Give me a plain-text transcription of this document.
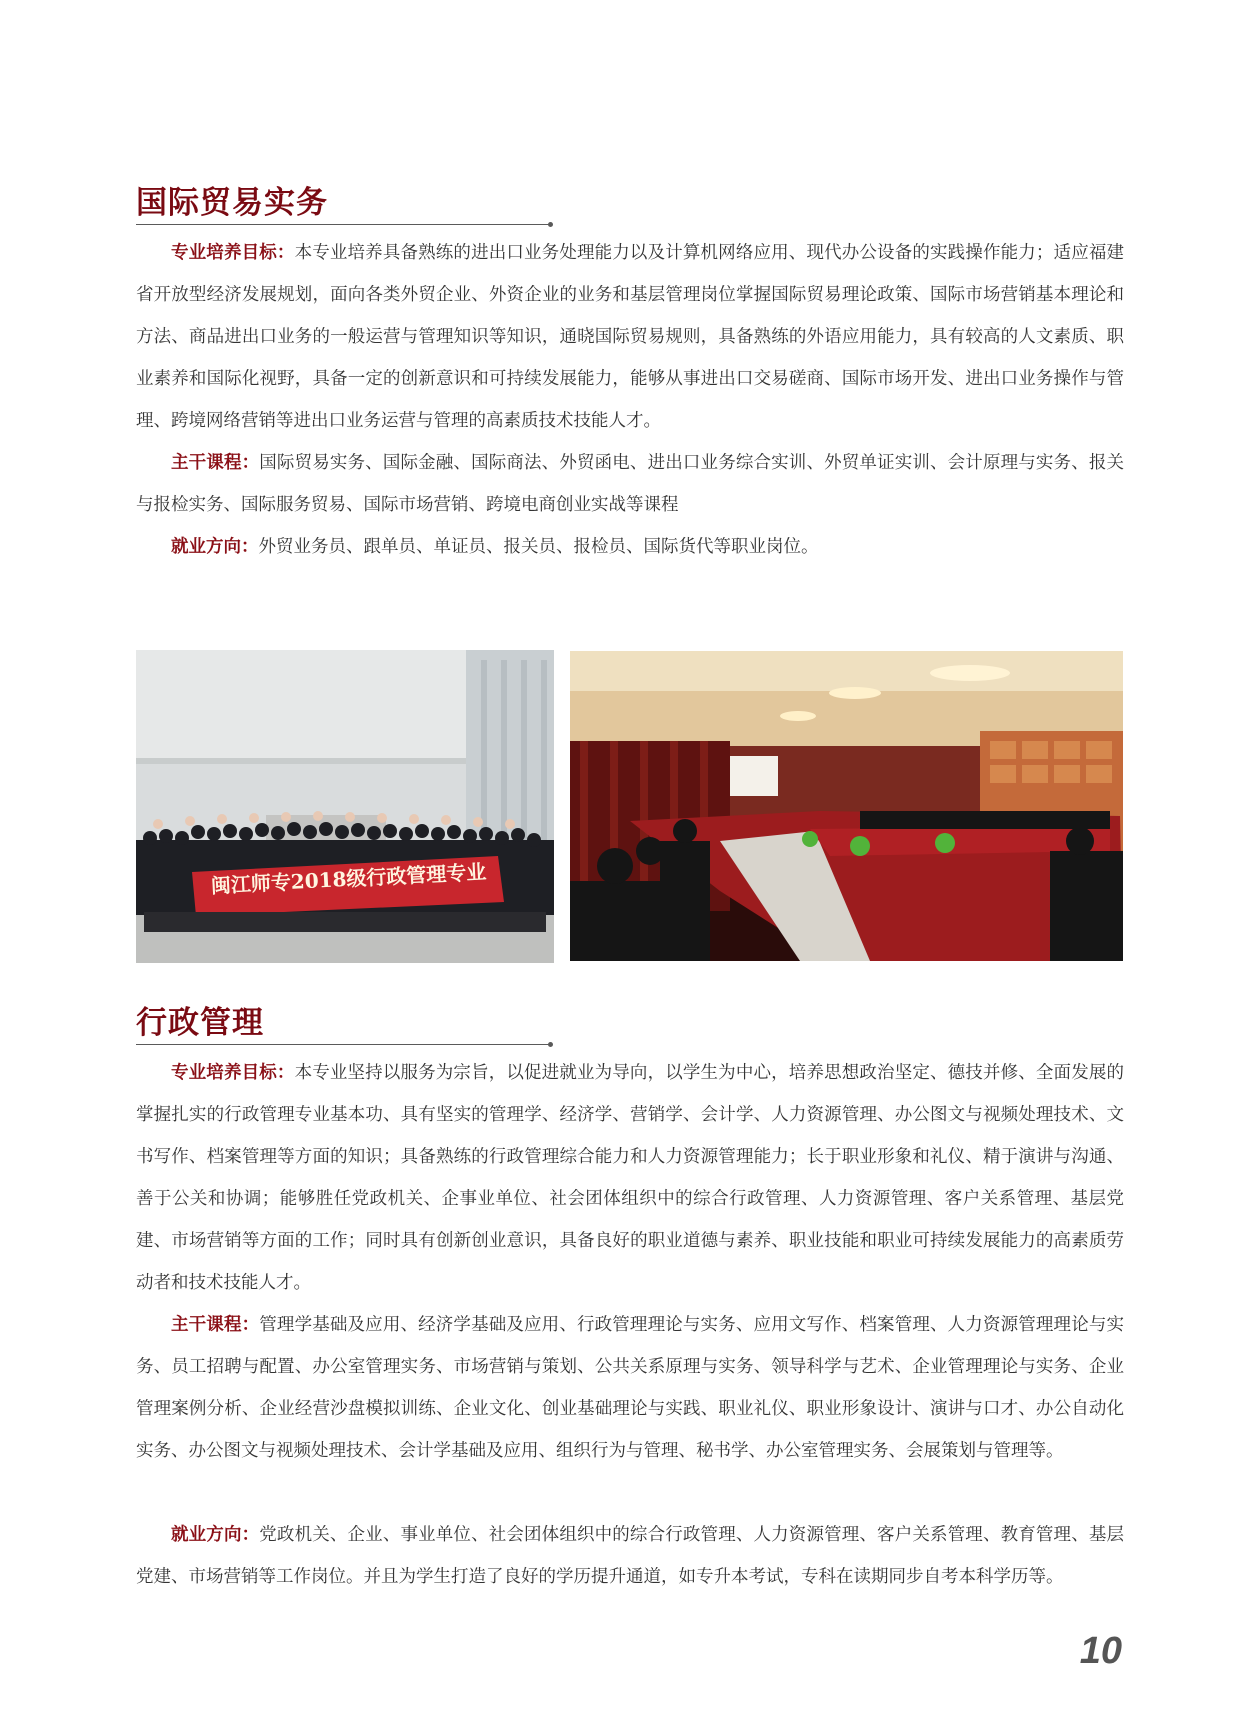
国际贸易实务

专业培养目标：本专业培养具备熟练的进出口业务处理能力以及计算机网络应用、现代办公设备的实践操作能力；适应福建省开放型经济发展规划，面向各类外贸企业、外资企业的业务和基层管理岗位掌握国际贸易理论政策、国际市场营销基本理论和方法、商品进出口业务的一般运营与管理知识等知识，通晓国际贸易规则，具备熟练的外语应用能力，具有较高的人文素质、职业素养和国际化视野，具备一定的创新意识和可持续发展能力，能够从事进出口交易磋商、国际市场开发、进出口业务操作与管理、跨境网络营销等进出口业务运营与管理的高素质技术技能人才。

主干课程：国际贸易实务、国际金融、国际商法、外贸函电、进出口业务综合实训、外贸单证实训、会计原理与实务、报关与报检实务、国际服务贸易、国际市场营销、跨境电商创业实战等课程

就业方向：外贸业务员、跟单员、单证员、报关员、报检员、国际货代等职业岗位。

闽江师专2018级行政管理专业
行政管理

专业培养目标：本专业坚持以服务为宗旨，以促进就业为导向，以学生为中心，培养思想政治坚定、德技并修、全面发展的掌握扎实的行政管理专业基本功、具有坚实的管理学、经济学、营销学、会计学、人力资源管理、办公图文与视频处理技术、文书写作、档案管理等方面的知识；具备熟练的行政管理综合能力和人力资源管理能力；长于职业形象和礼仪、精于演讲与沟通、善于公关和协调；能够胜任党政机关、企事业单位、社会团体组织中的综合行政管理、人力资源管理、客户关系管理、基层党建、市场营销等方面的工作；同时具有创新创业意识，具备良好的职业道德与素养、职业技能和职业可持续发展能力的高素质劳动者和技术技能人才。

主干课程：管理学基础及应用、经济学基础及应用、行政管理理论与实务、应用文写作、档案管理、人力资源管理理论与实务、员工招聘与配置、办公室管理实务、市场营销与策划、公共关系原理与实务、领导科学与艺术、企业管理理论与实务、企业管理案例分析、企业经营沙盘模拟训练、企业文化、创业基础理论与实践、职业礼仪、职业形象设计、演讲与口才、办公自动化实务、办公图文与视频处理技术、会计学基础及应用、组织行为与管理、秘书学、办公室管理实务、会展策划与管理等。

就业方向：党政机关、企业、事业单位、社会团体组织中的综合行政管理、人力资源管理、客户关系管理、教育管理、基层党建、市场营销等工作岗位。并且为学生打造了良好的学历提升通道，如专升本考试，专科在读期同步自考本科学历等。

10
